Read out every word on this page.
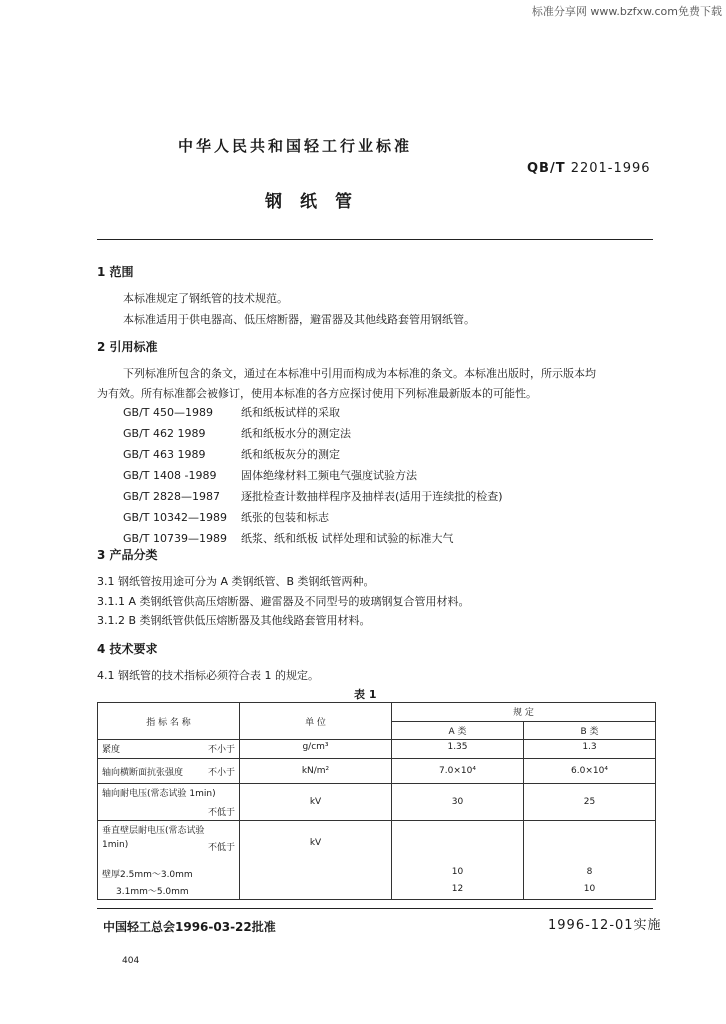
标准分享网 www.bzfxw.com免费下载
中华人民共和国轻工行业标准
QB/T 2201-1996
钢纸管
1 范围
本标准规定了钢纸管的技术规范。
本标准适用于供电器高、低压熔断器，避雷器及其他线路套管用钢纸管。
2 引用标准
下列标准所包含的条文，通过在本标准中引用而构成为本标准的条文。本标准出版时，所示版本均
为有效。所有标准都会被修订，使用本标准的各方应探讨使用下列标准最新版本的可能性。
GB/T 450—1989	纸和纸板试样的采取
GB/T 462 1989	纸和纸板水分的测定法
GB/T 463 1989	纸和纸板灰分的测定
GB/T 1408 -1989 固体绝缘材料工频电气强度试验方法
GB/T 2828—1987 逐批检查计数抽样程序及抽样表(适用于连续批的检查)
GB/T 10342—1989 纸张的包装和标志
GB/T 10739—1989 纸浆、纸和纸板 试样处理和试验的标准大气
3 产品分类
3.1 钢纸管按用途可分为 A 类钢纸管、B 类钢纸管两种。
3.1.1 A 类钢纸管供高压熔断器、避雷器及不同型号的玻璃钢复合管用材料。
3.1.2 B 类钢纸管供低压熔断器及其他线路套管用材料。
4 技术要求
4.1 钢纸管的技术指标必须符合表 1 的规定。
表 1
指 标 名 称	单 位	规 定	
		A 类	B 类

紧度 不小于	g/cm³	1.35	1.3

轴向横断面抗张强度 不小于	kN/m²	7.0×10⁴	6.0×10⁴

轴向耐电压(常态试验 1min)
不低于	kV	30	25

垂直壁层耐电压(常态试验
1min) 不低于	kV		
壁厚2.5mm～3.0mm		10	8
3.1mm～5.0mm		12	10
中国轻工总会1996-03-22批准	1996-12-01实施
404
